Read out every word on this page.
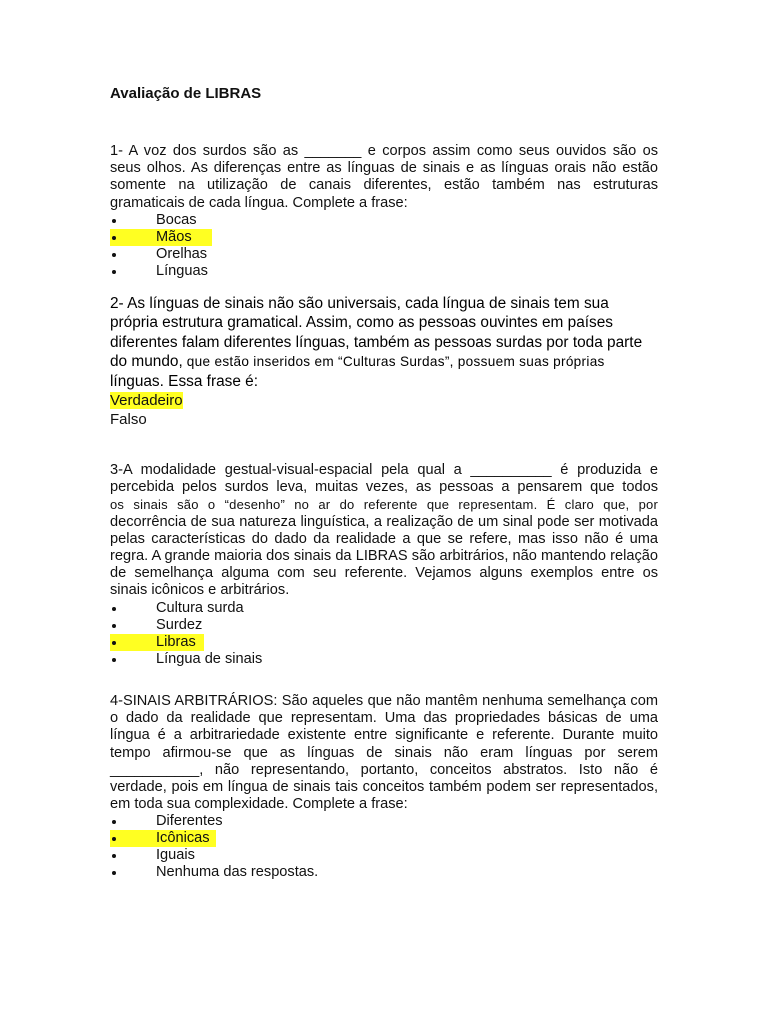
Avaliação de LIBRAS

1- A voz dos surdos são as _______ e corpos assim como seus ouvidos são os seus olhos. As diferenças entre as línguas de sinais e as línguas orais não estão somente na utilização de canais diferentes, estão também nas estruturas gramaticais de cada língua. Complete a frase:

Bocas
Mãos
Orelhas
Línguas

2- As línguas de sinais não são universais, cada língua de sinais tem sua própria estrutura gramatical. Assim, como as pessoas ouvintes em países diferentes falam diferentes línguas, também as pessoas surdas por toda parte do mundo, que estão inseridos em “Culturas Surdas”, possuem suas próprias
línguas. Essa frase é:

Verdadeiro
Falso

3-A modalidade gestual-visual-espacial pela qual a __________ é produzida e percebida pelos surdos leva, muitas vezes, as pessoas a pensarem que todos

os sinais são o “desenho” no ar do referente que representam. É claro que, por

decorrência de sua natureza linguística, a realização de um sinal pode ser motivada pelas características do dado da realidade a que se refere, mas isso não é uma regra. A grande maioria dos sinais da LIBRAS são arbitrários, não mantendo relação de semelhança alguma com seu referente. Vejamos alguns exemplos entre os sinais icônicos e arbitrários.

Cultura surda
Surdez
Libras
Língua de sinais

4-SINAIS ARBITRÁRIOS: São aqueles que não mantêm nenhuma semelhança com o dado da realidade que representam. Uma das propriedades básicas de uma língua é a arbitrariedade existente entre significante e referente. Durante muito tempo afirmou-se que as línguas de sinais não eram línguas por serem ___________, não representando, portanto, conceitos abstratos. Isto não é verdade, pois em língua de sinais tais conceitos também podem ser representados, em toda sua complexidade. Complete a frase:

Diferentes
Icônicas
Iguais
Nenhuma das respostas.
